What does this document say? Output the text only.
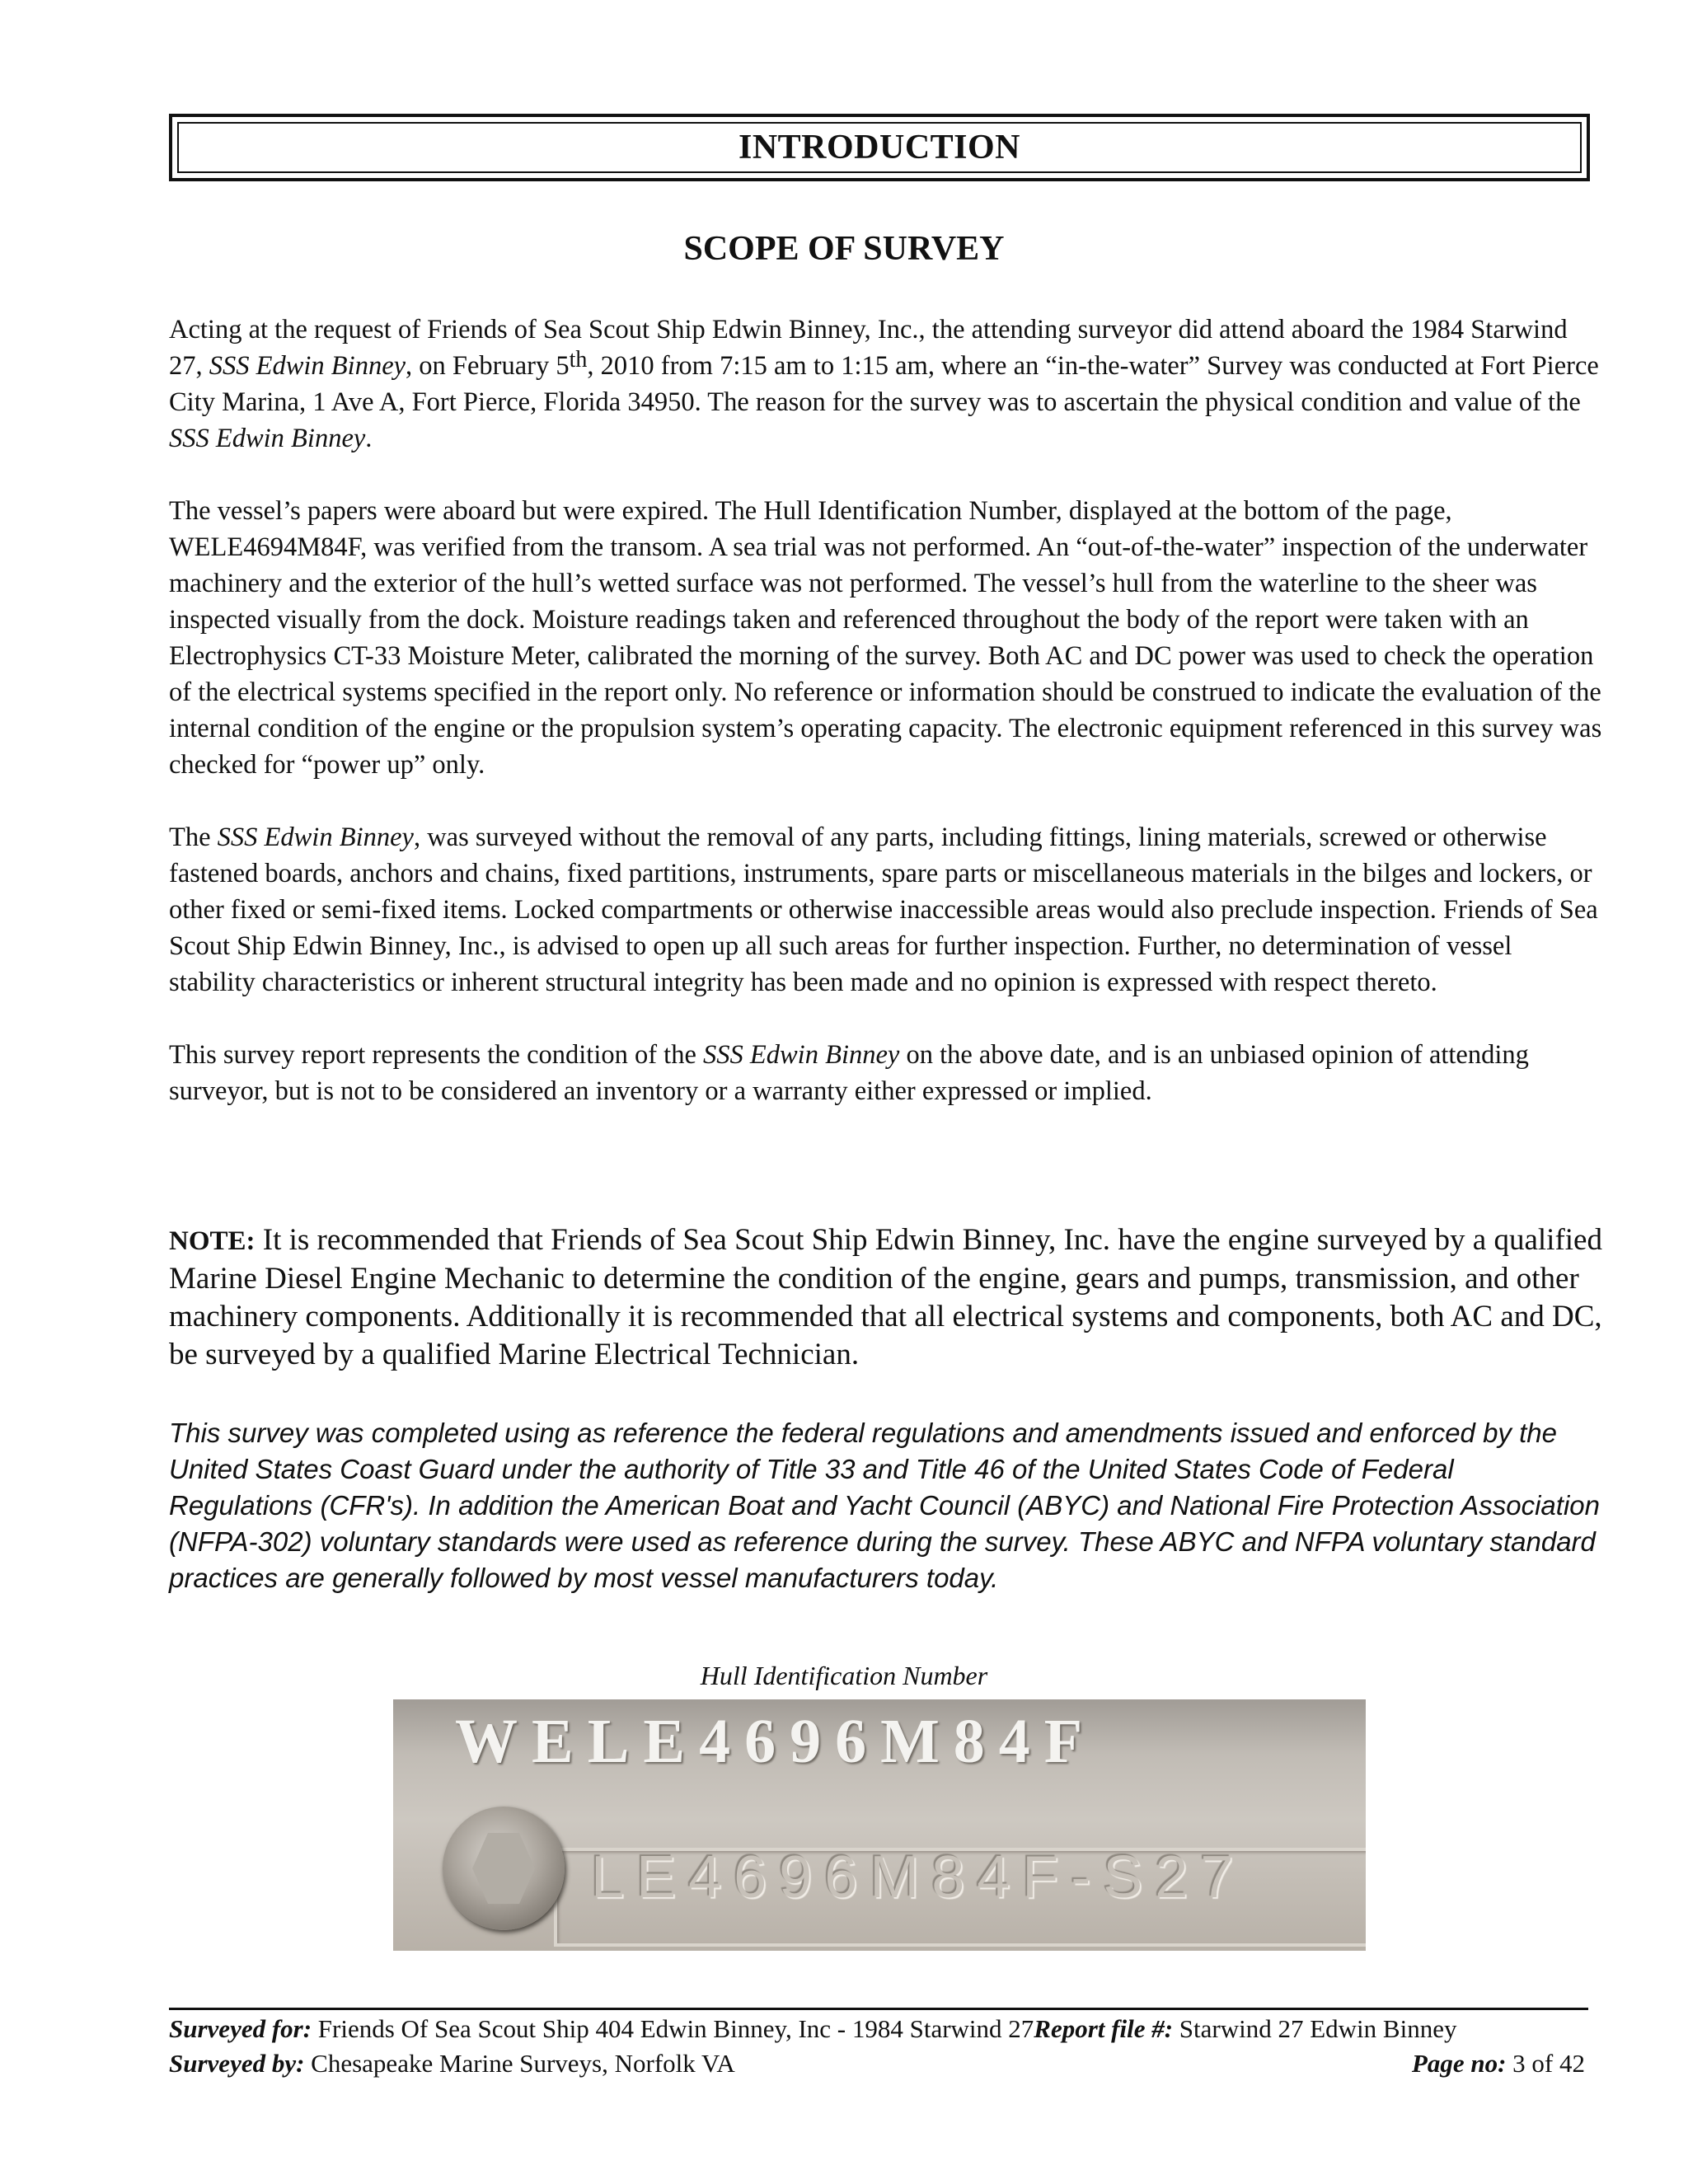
INTRODUCTION
SCOPE OF SURVEY

Acting at the request of Friends of Sea Scout Ship Edwin Binney, Inc., the attending surveyor did attend aboard the 1984 Starwind 27, SSS Edwin Binney, on February 5th, 2010 from 7:15 am to 1:15 am, where an “in-the-water” Survey was conducted at Fort Pierce City Marina, 1 Ave A, Fort Pierce, Florida 34950. The reason for the survey was to ascertain the physical condition and value of the SSS Edwin Binney.

The vessel’s papers were aboard but were expired. The Hull Identification Number, displayed at the bottom of the page, WELE4694M84F, was verified from the transom. A sea trial was not performed. An “out-of-the-water” inspection of the underwater machinery and the exterior of the hull’s wetted surface was not performed. The vessel’s hull from the waterline to the sheer was inspected visually from the dock. Moisture readings taken and referenced throughout the body of the report were taken with an Electrophysics CT-33 Moisture Meter, calibrated the morning of the survey. Both AC and DC power was used to check the operation of the electrical systems specified in the report only. No reference or information should be construed to indicate the evaluation of the internal condition of the engine or the propulsion system’s operating capacity. The electronic equipment referenced in this survey was checked for “power up” only.

The SSS Edwin Binney, was surveyed without the removal of any parts, including fittings, lining materials, screwed or otherwise fastened boards, anchors and chains, fixed partitions, instruments, spare parts or miscellaneous materials in the bilges and lockers, or other fixed or semi-fixed items. Locked compartments or otherwise inaccessible areas would also preclude inspection. Friends of Sea Scout Ship Edwin Binney, Inc., is advised to open up all such areas for further inspection. Further, no determination of vessel stability characteristics or inherent structural integrity has been made and no opinion is expressed with respect thereto.

This survey report represents the condition of the SSS Edwin Binney on the above date, and is an unbiased opinion of attending surveyor, but is not to be considered an inventory or a warranty either expressed or implied.

NOTE: It is recommended that Friends of Sea Scout Ship Edwin Binney, Inc. have the engine surveyed by a qualified Marine Diesel Engine Mechanic to determine the condition of the engine, gears and pumps, transmission, and other machinery components. Additionally it is recommended that all electrical systems and components, both AC and DC, be surveyed by a qualified Marine Electrical Technician.
This survey was completed using as reference the federal regulations and amendments issued and enforced by the United States Coast Guard under the authority of Title 33 and Title 46 of the United States Code of Federal Regulations (CFR's). In addition the American Boat and Yacht Council (ABYC) and National Fire Protection Association (NFPA-302) voluntary standards were used as reference during the survey. These ABYC and NFPA voluntary standard practices are generally followed by most vessel manufacturers today.
Hull Identification Number
WELE4696M84F
LE4696M84F-S27
Surveyed for: Friends Of Sea Scout Ship 404 Edwin Binney, Inc - 1984 Starwind 27Report file #: Starwind 27 Edwin Binney
Surveyed by: Chesapeake Marine Surveys, Norfolk VA	Page no: 3 of 42
